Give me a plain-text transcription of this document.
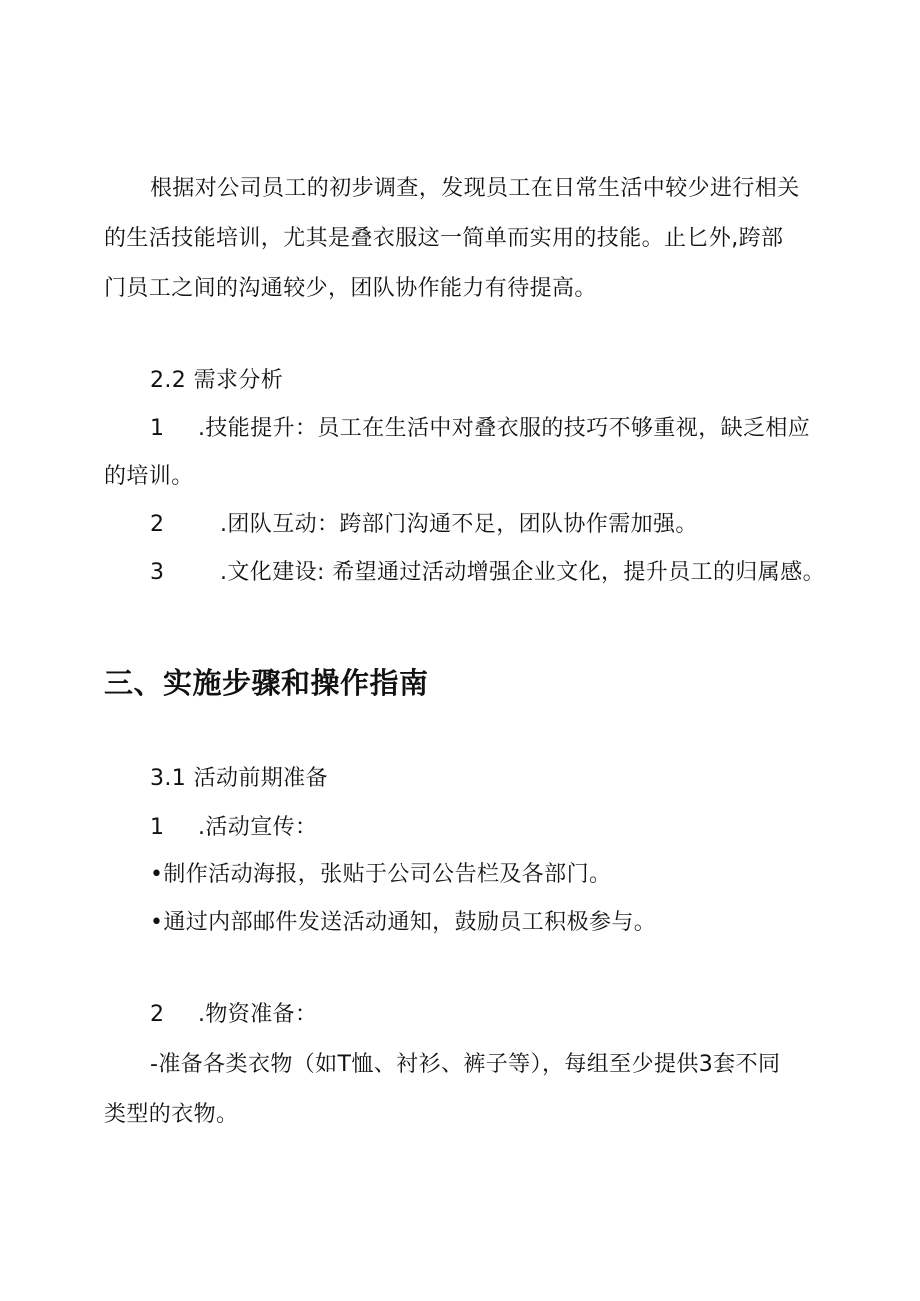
根据对公司员工的初步调查，发现员工在日常生活中较少进行相关
的生活技能培训，尤其是叠衣服这一简单而实用的技能。止匕外,跨部
门员工之间的沟通较少，团队协作能力有待提高。
2.2 需求分析
1 .技能提升：员工在生活中对叠衣服的技巧不够重视，缺乏相应
的培训。
2	.团队互动：跨部门沟通不足，团队协作需加强。
3	.文化建设: 希望通过活动增强企业文化，提升员工的归属感。
三、实施步骤和操作指南
3.1 活动前期准备
1 .活动宣传：
•制作活动海报，张贴于公司公告栏及各部门。
•通过内部邮件发送活动通知，鼓励员工积极参与。
2 .物资准备：
-准备各类衣物（如T恤、衬衫、裤子等），每组至少提供3套不同
类型的衣物。
